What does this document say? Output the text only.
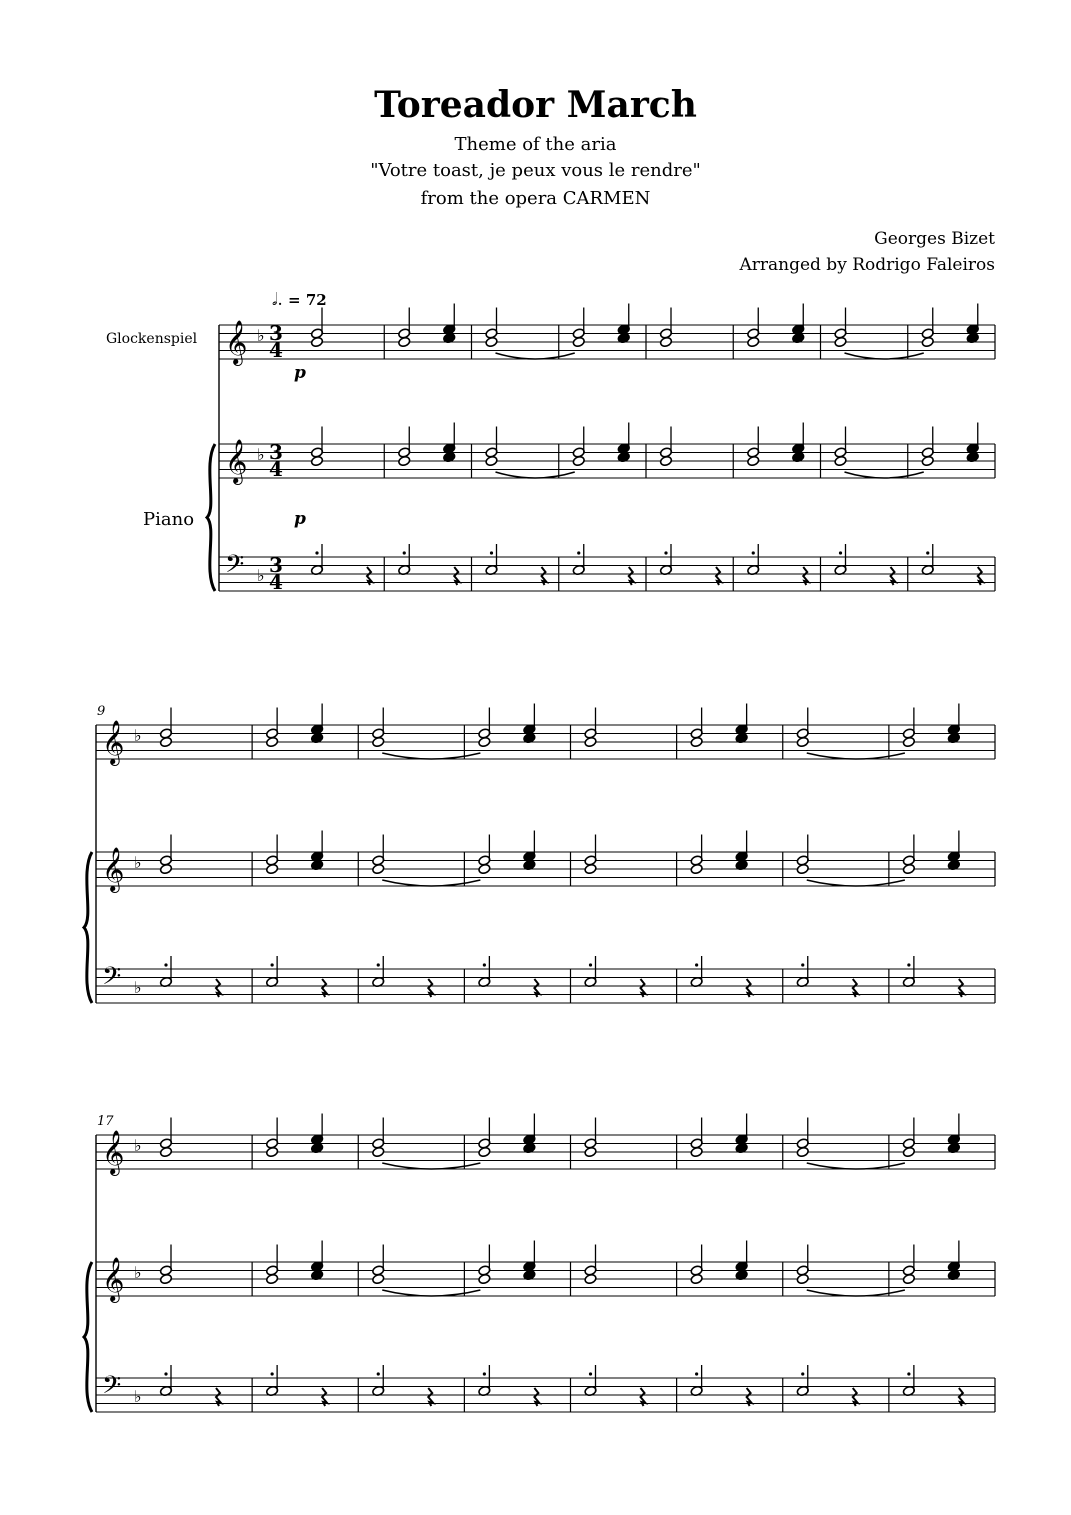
Toreador March
Theme of the aria
"Votre toast, je peux vous le rendre"
from the opera CARMEN
Georges Bizet
Arranged by Rodrigo Faleiros
𝅗𝅥. = 72
Glockenspiel
Piano
𝄞 ♭ 3
4
𝄞 ♭ 3
4
𝄢 ♭ 3
4
𝄞 ♭
𝄞 ♭
𝄢 ♭
𝄞 ♭
𝄞 ♭
𝄢 ♭
9
17
p
p
